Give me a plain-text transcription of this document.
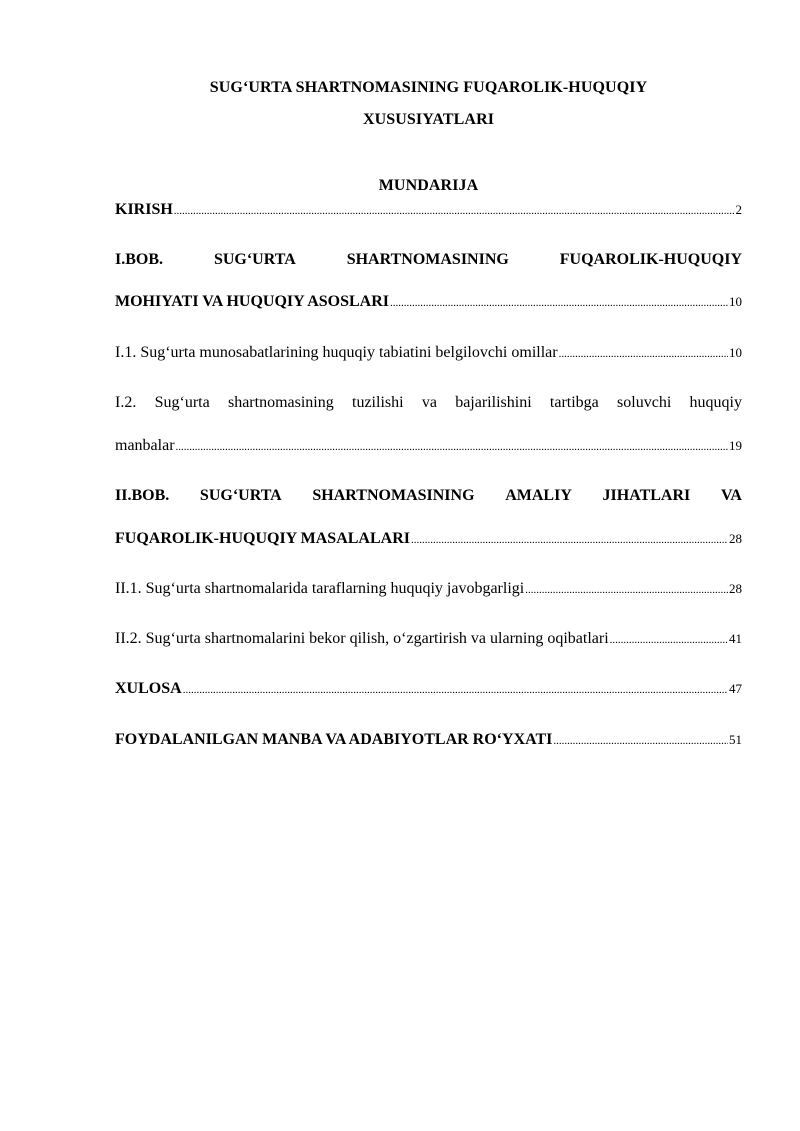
SUG‘URTA SHARTNOMASINING FUQAROLIK-HUQUQIY
XUSUSIYATLARI
MUNDARIJA
KIRISH .....	2
I.BOB.	SUG‘URTA	SHARTNOMASINING	FUQAROLIK-HUQUQIY
MOHIYATI VA HUQUQIY ASOSLARI .....	10
I.1. Sug‘urta munosabatlarining huquqiy tabiatini belgilovchi omillar .....	10
I.2. Sug‘urta shartnomasining tuzilishi va bajarilishini tartibga soluvchi huquqiy
manbalar .....	19
II.BOB. SUG‘URTA SHARTNOMASINING AMALIY JIHATLARI VA
FUQAROLIK-HUQUQIY MASALALARI .....	28
II.1. Sug‘urta shartnomalarida taraflarning huquqiy javobgarligi .....	28
II.2. Sug‘urta shartnomalarini bekor qilish, o‘zgartirish va ularning oqibatlari .....	41
XULOSA .....	47
FOYDALANILGAN MANBA VA ADABIYOTLAR RO‘YXATI .....	51
